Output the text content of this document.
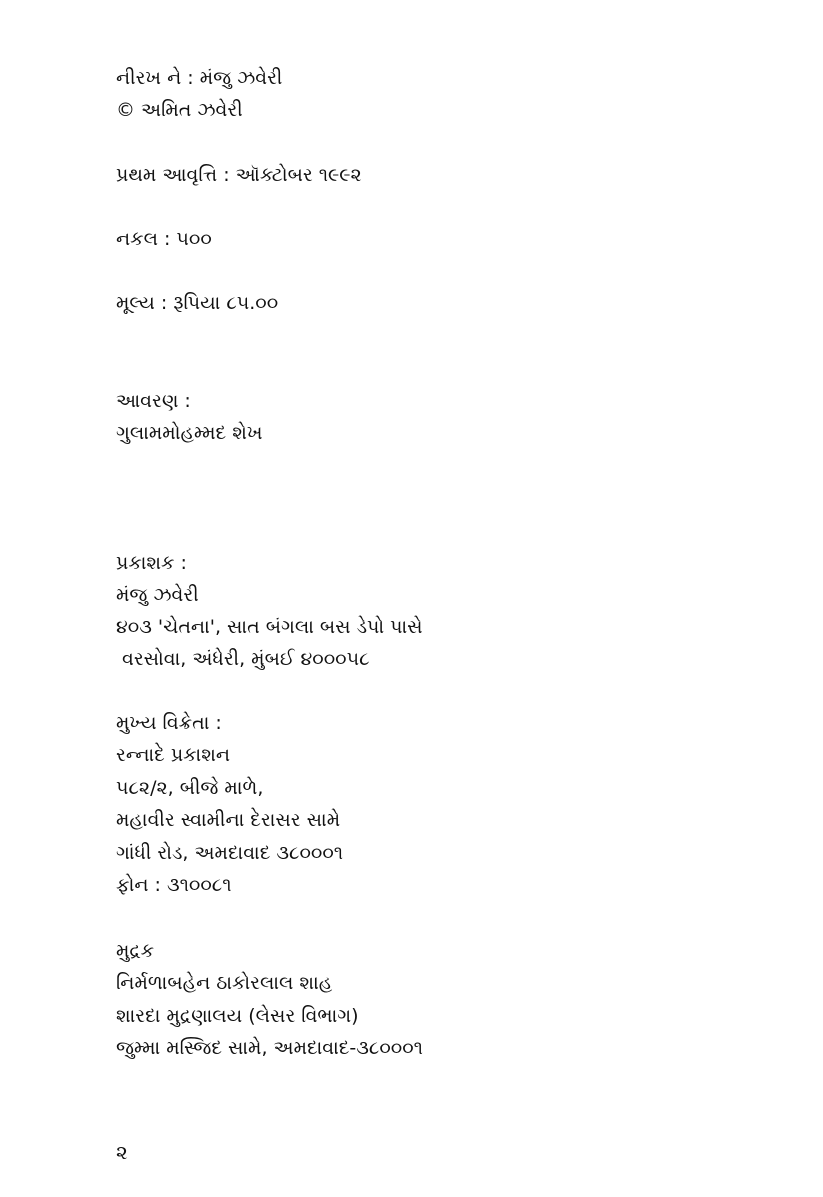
નીરખ ને : મંજુ ઝવેરી
© અમિત ઝવેરી
પ્રથમ આવૃત્તિ : ઑક્ટોબર ૧૯૯૨
નકલ : ૫૦૦
મૂલ્ય : રૂપિયા ૮૫.૦૦
આવરણ :
ગુલામમોહમ્મદ શેખ
પ્રકાશક :
મંજુ ઝવેરી
૪૦૩ 'ચેતના', સાત બંગલા બસ ડેપો પાસે
વરસોવા, અંધેરી, મુંબઈ ૪૦૦૦૫૮
મુખ્ય વિક્રેતા :
રન્નાદે પ્રકાશન
૫૮૨/૨, બીજે માળે,
મહાવીર સ્વામીના દેરાસર સામે
ગાંધી રોડ, અમદાવાદ ૩૮૦૦૦૧
ફોન : ૩૧૦૦૮૧
મુદ્રક
નિર્મળાબહેન ઠાકોરલાલ શાહ
શારદા મુદ્રણાલય (લેસર વિભાગ)
જુમ્મા મસ્જિદ સામે, અમદાવાદ-૩૮૦૦૦૧
૨
